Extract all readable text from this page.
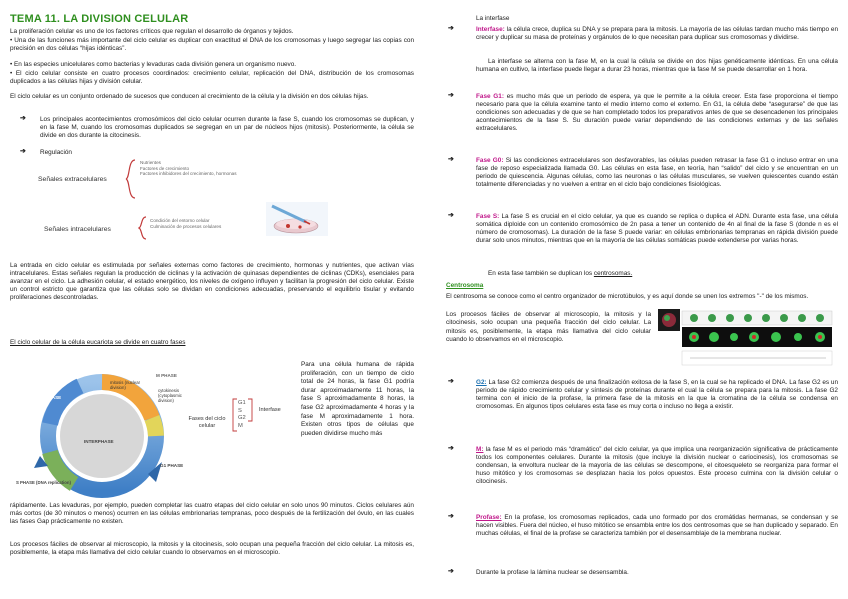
TEMA 11. LA DIVISION CELULAR

La proliferación celular es uno de los factores críticos que regulan el desarrollo de órganos y tejidos.

• Una de las funciones más importante del ciclo celular es duplicar con exactitud el DNA de los cromosomas y luego segregar las copias con precisión en dos células “hijas idénticas”.

• En las especies unicelulares como bacterias y levaduras cada división genera un organismo nuevo.

• El ciclo celular consiste en cuatro procesos coordinados: crecimiento celular, replicación del DNA, distribución de los cromosomas duplicados a las células hijas y división celular.

El ciclo celular es un conjunto ordenado de sucesos que conducen al crecimiento de la célula y la división en dos células hijas.

➔ Los principales acontecimientos cromosómicos del ciclo celular ocurren durante la fase S, cuando los cromosomas se duplican, y en la fase M, cuando los cromosomas duplicados se segregan en un par de núcleos hijos (mitosis). Posteriormente, la célula se divide en dos durante la citocinesis.

➔ Regulación

Señales extracelulares
Nutrientes
Factores de crecimiento
Factores inhibidores del crecimiento, hormonas
Señales intracelulares
Condición del entorno celular
Culminación de procesos celulares

La entrada en ciclo celular es estimulada por señales externas como factores de crecimiento, hormonas y nutrientes, que activan vías intracelulares. Estas señales regulan la producción de ciclinas y la activación de quinasas dependientes de ciclinas (CDKs), esenciales para avanzar en el ciclo. La adhesión celular, el estado energético, los niveles de oxígeno influyen y facilitan la progresión del ciclo celular. Existe un control estricto que garantiza que las células solo se dividan en condiciones adecuadas, preservando el equilibrio tisular y evitando proliferaciones descontroladas.

El ciclo celular de la célula eucariota se divide en cuatro fases

M PHASE
mitosis (nuclear division)
cytokinesis (cytoplasmic division)
G2 PHASE
INTERPHASE
G1 PHASE
S PHASE (DNA replication)
G1
S
G2
M
Interfase
Fases del ciclo celular

Para una célula humana de rápida proliferación, con un tiempo de ciclo total de 24 horas, la fase G1 podría durar aproximadamente 11 horas, la fase S aproximadamente 8 horas, la fase G2 aproximadamente 4 horas y la fase M aproximadamente 1 hora. Existen otros tipos de células que pueden dividirse mucho más

rápidamente. Las levaduras, por ejemplo, pueden completar las cuatro etapas del ciclo celular en solo unos 90 minutos. Ciclos celulares aún más cortos (de 30 minutos o menos) ocurren en las células embrionarias tempranas, poco después de la fertilización del óvulo, en las cuales las fases Gap prácticamente no existen.

Los procesos fáciles de observar al microscopio, la mitosis y la citocinesis, solo ocupan una pequeña fracción del ciclo celular. La mitosis es, posiblemente, la etapa más llamativa del ciclo celular cuando lo observamos en el microscopio.

La interfase

➔	Interfase: la célula crece, duplica su DNA y se prepara para la mitosis. La mayoría de las células tardan mucho más tiempo en crecer y duplicar su masa de proteínas y orgánulos de lo que necesitan para duplicar sus cromosomas y dividirse.

La interfase se alterna con la fase M, en la cual la célula se divide en dos hijas genéticamente idénticas. En una célula humana en cultivo, la interfase puede llegar a durar 23 horas, mientras que la fase M se puede desarrollar en 1 hora.

➔	Fase G1: es mucho más que un periodo de espera, ya que le permite a la célula crecer. Esta fase proporciona el tiempo necesario para que la célula examine tanto el medio interno como el externo. En G1, la célula debe “asegurarse” de que las condiciones son adecuadas y de que se han completado todos los preparativos antes de que se desencadenen los principales acontecimientos de la fase S. Su duración puede variar dependiendo de las condiciones externas y de las señales extracelulares.

➔	Fase G0: Si las condiciones extracelulares son desfavorables, las células pueden retrasar la fase G1 o incluso entrar en una fase de reposo especializada llamada G0. Las células en esta fase, en teoría, han “salido” del ciclo y se encuentran en un periodo de quiescencia. Algunas células, como las neuronas o las células musculares, se vuelven quiescentes cuando están totalmente diferenciadas y no vuelven a entrar en el ciclo bajo condiciones fisiológicas.

➔	Fase S: La fase S es crucial en el ciclo celular, ya que es cuando se replica o duplica el ADN. Durante esta fase, una célula somática diploide con un contenido cromosómico de 2n pasa a tener un contenido de 4n al final de la fase S (donde n es el número de cromosomas). La duración de la fase S puede variar: en células embrionarias tempranas en rápida división puede durar solo unos minutos, mientras que en la mayoría de las células somáticas puede extenderse por varias horas.

En esta fase también se duplican los centrosomas.

Centrosoma

El centrosoma se conoce como el centro organizador de microtúbulos, y es aquí donde se unen los extremos "-" de los mismos.

Los procesos fáciles de observar al microscopio, la mitosis y la citocinesis, solo ocupan una pequeña fracción del ciclo celular. La mitosis es, posiblemente, la etapa más llamativa del ciclo celular cuando lo observamos en el microscopio.

➔	G2: La fase G2 comienza después de una finalización exitosa de la fase S, en la cual se ha replicado el DNA. La fase G2 es un periodo de rápido crecimiento celular y síntesis de proteínas durante el cual la célula se prepara para la mitosis. La fase G2 termina con el inicio de la profase, la primera fase de la mitosis en la que la cromatina de la célula se condensa en cromosomas. En algunos tipos celulares esta fase es muy corta o incluso no llega a existir.

➔	M: la fase M es el periodo más “dramático” del ciclo celular, ya que implica una reorganización significativa de prácticamente todos los componentes celulares. Durante la mitosis (que incluye la división nuclear o cariocinesis), los cromosomas se condensan, la envoltura nuclear de la mayoría de las células se descompone, el citoesqueleto se reorganiza para formar el huso mitótico y los cromosomas se desplazan hacia los polos opuestos. Este proceso culmina con la división celular o citocinesis.

➔	Profase: En la profase, los cromosomas replicados, cada uno formado por dos cromátidas hermanas, se condensan y se hacen visibles. Fuera del núcleo, el huso mitótico se ensambla entre los dos centrosomas que se han duplicado y separado. En muchas células, el final de la profase se caracteriza también por el desensamblaje de la membrana nuclear.

➔	Durante la profase la lámina nuclear se desensambla.
